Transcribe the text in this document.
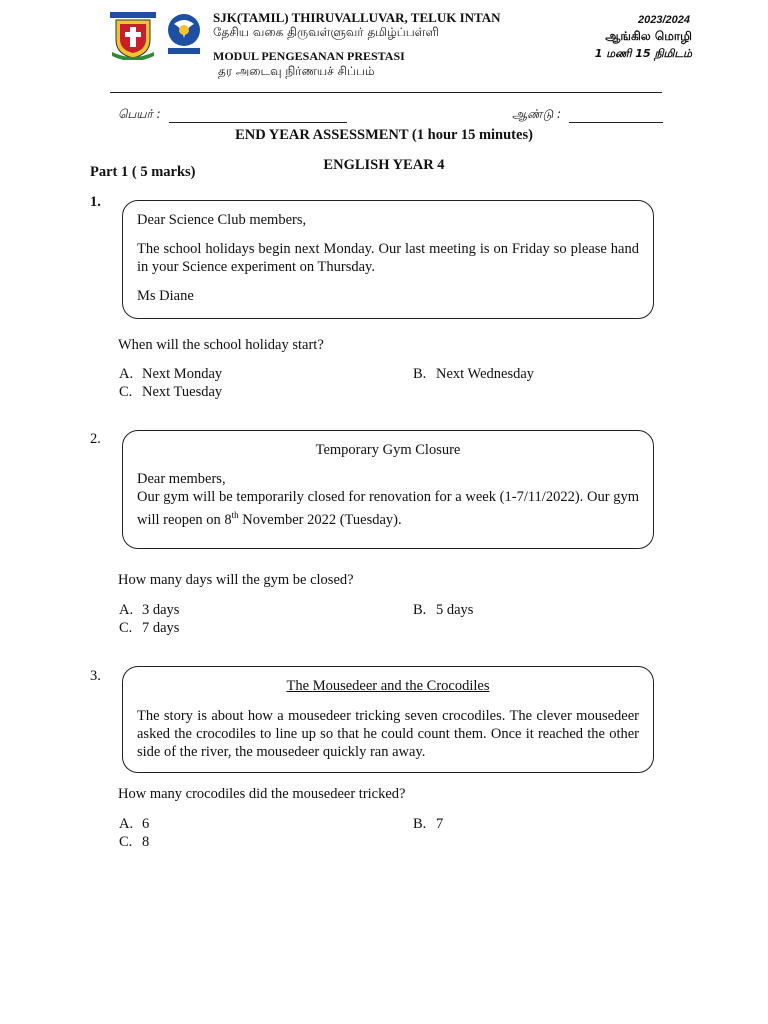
SJK(TAMIL) THIRUVALLUVAR, TELUK INTAN
தேசிய வகை திருவள்ளுவர் தமிழ்ப்பள்ளி
MODUL PENGESANAN PRESTASI
தர அடைவு நிர்ணயச் சிப்பம்
2023/2024
ஆங்கில மொழி
1 மணி 15 நிமிடம்
பெயர் :	ஆண்டு :
END YEAR ASSESSMENT (1 hour 15 minutes)
ENGLISH YEAR 4
Part 1 ( 5 marks)
1.

Dear Science Club members,

The school holidays begin next Monday. Our last meeting is on Friday so please hand in your Science experiment on Thursday.

Ms Diane

When will the school holiday start?
A. Next Monday	B. Next Wednesday
C. Next Tuesday
2.

Temporary Gym Closure

Dear members,

Our gym will be temporarily closed for renovation for a week (1-7/11/2022). Our gym will reopen on 8th November 2022 (Tuesday).

How many days will the gym be closed?
A. 3 days	B. 5 days
C. 7 days
3.

The Mousedeer and the Crocodiles

The story is about how a mousedeer tricking seven crocodiles. The clever mousedeer asked the crocodiles to line up so that he could count them. Once it reached the other side of the river, the mousedeer quickly ran away.

How many crocodiles did the mousedeer tricked?
A. 6	B. 7
C. 8
